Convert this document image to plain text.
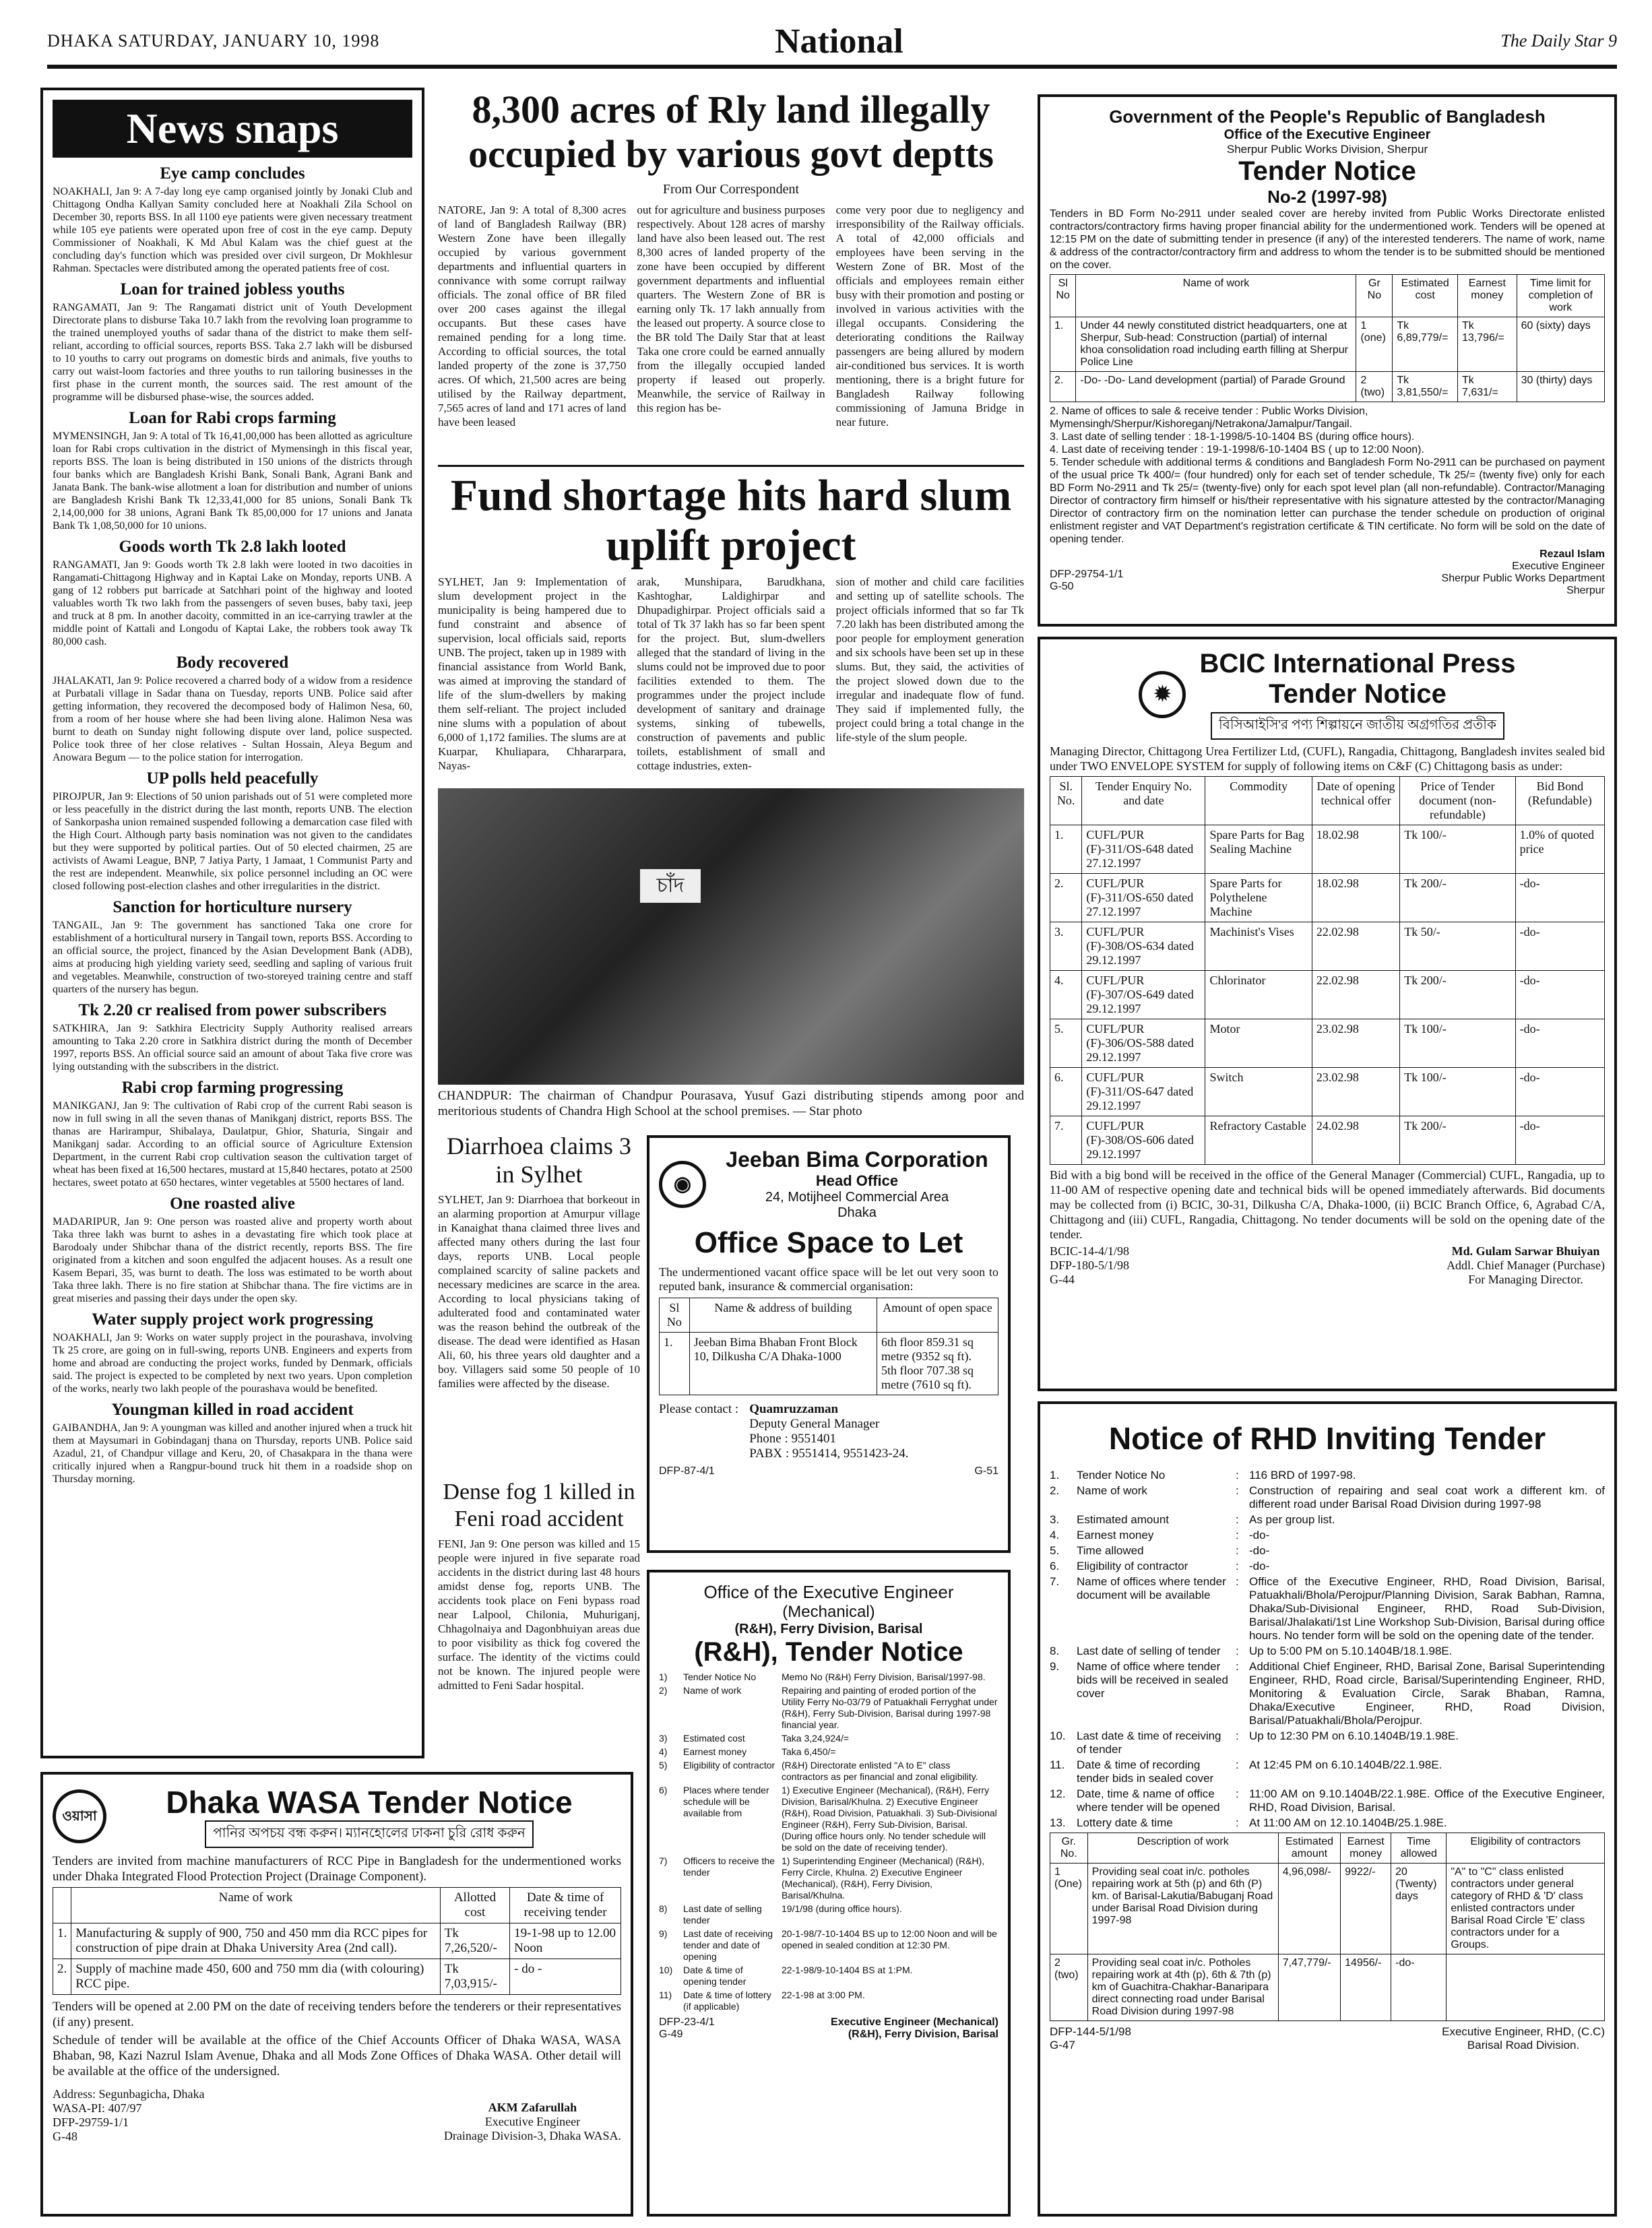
DHAKA SATURDAY, JANUARY 10, 1998	National	The Daily Star 9
News snaps
Eye camp concludes

NOAKHALI, Jan 9: A 7-day long eye camp organised jointly by Jonaki Club and Chittagong Ondha Kallyan Samity concluded here at Noakhali Zila School on December 30, reports BSS. In all 1100 eye patients were given necessary treatment while 105 eye patients were operated upon free of cost in the eye camp. Deputy Commissioner of Noakhali, K Md Abul Kalam was the chief guest at the concluding day's function which was presided over civil surgeon, Dr Mokhlesur Rahman. Spectacles were distributed among the operated patients free of cost.

Loan for trained jobless youths

RANGAMATI, Jan 9: The Rangamati district unit of Youth Development Directorate plans to disburse Taka 10.7 lakh from the revolving loan programme to the trained unemployed youths of sadar thana of the district to make them self-reliant, according to official sources, reports BSS. Taka 2.7 lakh will be disbursed to 10 youths to carry out programs on domestic birds and animals, five youths to carry out waist-loom factories and three youths to run tailoring businesses in the first phase in the current month, the sources said. The rest amount of the programme will be disbursed phase-wise, the sources added.

Loan for Rabi crops farming

MYMENSINGH, Jan 9: A total of Tk 16,41,00,000 has been allotted as agriculture loan for Rabi crops cultivation in the district of Mymensingh in this fiscal year, reports BSS. The loan is being distributed in 150 unions of the districts through four banks which are Bangladesh Krishi Bank, Sonali Bank, Agrani Bank and Janata Bank. The bank-wise allotment a loan for distribution and number of unions are Bangladesh Krishi Bank Tk 12,33,41,000 for 85 unions, Sonali Bank Tk 2,14,00,000 for 38 unions, Agrani Bank Tk 85,00,000 for 17 unions and Janata Bank Tk 1,08,50,000 for 10 unions.

Goods worth Tk 2.8 lakh looted

RANGAMATI, Jan 9: Goods worth Tk 2.8 lakh were looted in two dacoities in Rangamati-Chittagong Highway and in Kaptai Lake on Monday, reports UNB. A gang of 12 robbers put barricade at Satchhari point of the highway and looted valuables worth Tk two lakh from the passengers of seven buses, baby taxi, jeep and truck at 8 pm. In another dacoity, committed in an ice-carrying trawler at the middle point of Kattali and Longodu of Kaptai Lake, the robbers took away Tk 80,000 cash.

Body recovered

JHALAKATI, Jan 9: Police recovered a charred body of a widow from a residence at Purbatali village in Sadar thana on Tuesday, reports UNB. Police said after getting information, they recovered the decomposed body of Halimon Nesa, 60, from a room of her house where she had been living alone. Halimon Nesa was burnt to death on Sunday night following dispute over land, police suspected. Police took three of her close relatives - Sultan Hossain, Aleya Begum and Anowara Begum — to the police station for interrogation.

UP polls held peacefully

PIROJPUR, Jan 9: Elections of 50 union parishads out of 51 were completed more or less peacefully in the district during the last month, reports UNB. The election of Sankorpasha union remained suspended following a demarcation case filed with the High Court. Although party basis nomination was not given to the candidates but they were supported by political parties. Out of 50 elected chairmen, 25 are activists of Awami League, BNP, 7 Jatiya Party, 1 Jamaat, 1 Communist Party and the rest are independent. Meanwhile, six police personnel including an OC were closed following post-election clashes and other irregularities in the district.

Sanction for horticulture nursery

TANGAIL, Jan 9: The government has sanctioned Taka one crore for establishment of a horticultural nursery in Tangail town, reports BSS. According to an official source, the project, financed by the Asian Development Bank (ADB), aims at producing high yielding variety seed, seedling and sapling of various fruit and vegetables. Meanwhile, construction of two-storeyed training centre and staff quarters of the nursery has begun.

Tk 2.20 cr realised from power subscribers

SATKHIRA, Jan 9: Satkhira Electricity Supply Authority realised arrears amounting to Taka 2.20 crore in Satkhira district during the month of December 1997, reports BSS. An official source said an amount of about Taka five crore was lying outstanding with the subscribers in the district.

Rabi crop farming progressing

MANIKGANJ, Jan 9: The cultivation of Rabi crop of the current Rabi season is now in full swing in all the seven thanas of Manikganj district, reports BSS. The thanas are Harirampur, Shibalaya, Daulatpur, Ghior, Shaturia, Singair and Manikganj sadar. According to an official source of Agriculture Extension Department, in the current Rabi crop cultivation season the cultivation target of wheat has been fixed at 16,500 hectares, mustard at 15,840 hectares, potato at 2500 hectares, sweet potato at 650 hectares, winter vegetables at 5500 hectares of land.

One roasted alive

MADARIPUR, Jan 9: One person was roasted alive and property worth about Taka three lakh was burnt to ashes in a devastating fire which took place at Barodoaly under Shibchar thana of the district recently, reports BSS. The fire originated from a kitchen and soon engulfed the adjacent houses. As a result one Kasem Bepari, 35, was burnt to death. The loss was estimated to be worth about Taka three lakh. There is no fire station at Shibchar thana. The fire victims are in great miseries and passing their days under the open sky.

Water supply project work progressing

NOAKHALI, Jan 9: Works on water supply project in the pourashava, involving Tk 25 crore, are going on in full-swing, reports UNB. Engineers and experts from home and abroad are conducting the project works, funded by Denmark, officials said. The project is expected to be completed by next two years. Upon completion of the works, nearly two lakh people of the pourashava would be benefited.

Youngman killed in road accident

GAIBANDHA, Jan 9: A youngman was killed and another injured when a truck hit them at Maysumari in Gobindaganj thana on Thursday, reports UNB. Police said Azadul, 21, of Chandpur village and Keru, 20, of Chasakpara in the thana were critically injured when a Rangpur-bound truck hit them in a roadside shop on Thursday morning.

8,300 acres of Rly land illegally occupied by various govt deptts
From Our Correspondent

NATORE, Jan 9: A total of 8,300 acres of land of Bangladesh Railway (BR) Western Zone have been illegally occupied by various government departments and influential quarters in connivance with some corrupt railway officials. The zonal office of BR filed over 200 cases against the illegal occupants. But these cases have remained pending for a long time. According to official sources, the total landed property of the zone is 37,750 acres. Of which, 21,500 acres are being utilised by the Railway department, 7,565 acres of land and 171 acres of land have been leased

out for agriculture and business purposes respectively. About 128 acres of marshy land have also been leased out. The rest 8,300 acres of landed property of the zone have been occupied by different government departments and influential quarters. The Western Zone of BR is earning only Tk. 17 lakh annually from the leased out property. A source close to the BR told The Daily Star that at least Taka one crore could be earned annually from the illegally occupied landed property if leased out properly. Meanwhile, the service of Railway in this region has be-

come very poor due to negligency and irresponsibility of the Railway officials. A total of 42,000 officials and employees have been serving in the Western Zone of BR. Most of the officials and employees remain either busy with their promotion and posting or involved in various activities with the illegal occupants. Considering the deteriorating conditions the Railway passengers are being allured by modern air-conditioned bus services. It is worth mentioning, there is a bright future for Bangladesh Railway following commissioning of Jamuna Bridge in near future.

Fund shortage hits hard slum uplift project

SYLHET, Jan 9: Implementation of slum development project in the municipality is being hampered due to fund constraint and absence of supervision, local officials said, reports UNB. The project, taken up in 1989 with financial assistance from World Bank, was aimed at improving the standard of life of the slum-dwellers by making them self-reliant. The project included nine slums with a population of about 6,000 of 1,172 families. The slums are at Kuarpar, Khuliapara, Chhararpara, Nayas-

arak, Munshipara, Barudkhana, Kashtoghar, Laldighirpar and Dhupadighirpar. Project officials said a total of Tk 37 lakh has so far been spent for the project. But, slum-dwellers alleged that the standard of living in the slums could not be improved due to poor facilities extended to them. The programmes under the project include development of sanitary and drainage systems, sinking of tubewells, construction of pavements and public toilets, establishment of small and cottage industries, exten-

sion of mother and child care facilities and setting up of satellite schools. The project officials informed that so far Tk 7.20 lakh has been distributed among the poor people for employment generation and six schools have been set up in these slums. But, they said, the activities of the project slowed down due to the irregular and inadequate flow of fund. They said if implemented fully, the project could bring a total change in the life-style of the slum people.

চাঁদ

CHANDPUR: The chairman of Chandpur Pourasava, Yusuf Gazi distributing stipends among poor and meritorious students of Chandra High School at the school premises. — Star photo

Diarrhoea claims 3 in Sylhet

SYLHET, Jan 9: Diarrhoea that borkeout in an alarming proportion at Amurpur village in Kanaighat thana claimed three lives and affected many others during the last four days, reports UNB. Local people complained scarcity of saline packets and necessary medicines are scarce in the area. According to local physicians taking of adulterated food and contaminated water was the reason behind the outbreak of the disease. The dead were identified as Hasan Ali, 60, his three years old daughter and a boy. Villagers said some 50 people of 10 families were affected by the disease.

Dense fog 1 killed in Feni road accident

FENI, Jan 9: One person was killed and 15 people were injured in five separate road accidents in the district during last 48 hours amidst dense fog, reports UNB. The accidents took place on Feni bypass road near Lalpool, Chilonia, Muhuriganj, Chhagolnaiya and Dagonbhuiyan areas due to poor visibility as thick fog covered the surface. The identity of the victims could not be known. The injured people were admitted to Feni Sadar hospital.

◉
Jeeban Bima Corporation
Head Office
24, Motijheel Commercial Area
Dhaka
Office Space to Let

The undermentioned vacant office space will be let out very soon to reputed bank, insurance & commercial organisation:

Sl No	Name & address of building	Amount of open space
1.	Jeeban Bima Bhaban Front Block 10, Dilkusha C/A Dhaka-1000	6th floor 859.31 sq metre (9352 sq ft).
5th floor 707.38 sq metre (7610 sq ft).
Please contact : Quamruzzaman
Deputy General Manager
Phone : 9551401
PABX : 9551414, 9551423-24.
DFP-87-4/1	G-51
Office of the Executive Engineer
(Mechanical)
(R&H), Ferry Division, Barisal
(R&H), Tender Notice
1)	Tender Notice No	Memo No (R&H) Ferry Division, Barisal/1997-98.
2)	Name of work	Repairing and painting of eroded portion of the Utility Ferry No-03/79 of Patuakhali Ferryghat under (R&H), Ferry Sub-Division, Barisal during 1997-98 financial year.
3)	Estimated cost	Taka 3,24,924/=
4)	Earnest money	Taka 6,450/=
5)	Eligibility of contractor (R&H) Directorate enlisted "A to E" class contractors as per financial and zonal eligibility.
6)	Places where tender schedule will be available from
1) Executive Engineer (Mechanical), (R&H), Ferry Division, Barisal/Khulna. 2) Executive Engineer (R&H), Road Division, Patuakhali. 3) Sub-Divisional Engineer (R&H), Ferry Sub-Division, Barisal. (During office hours only. No tender schedule will be sold on the date of receiving tender).
7)	Officers to receive the tender
1) Superintending Engineer (Mechanical) (R&H), Ferry Circle, Khulna. 2) Executive Engineer (Mechanical), (R&H), Ferry Division, Barisal/Khulna.
8)	Last date of selling tender
19/1/98 (during office hours).
9)	Last date of receiving tender and date of opening
20-1-98/7-10-1404 BS up to 12:00 Noon and will be opened in sealed condition at 12:30 PM.
10)	Date & time of opening tender
22-1-98/9-10-1404 BS at 1:PM.
11)	Date & time of lottery (if applicable)
22-1-98 at 3:00 PM.
DFP-23-4/1
G-49
Executive Engineer (Mechanical)
(R&H), Ferry Division, Barisal
ওয়াসা	Dhaka WASA Tender Notice
পানির অপচয় বন্ধ করুন। ম্যানহোলের ঢাকনা চুরি রোধ করুন

Tenders are invited from machine manufacturers of RCC Pipe in Bangladesh for the undermentioned works under Dhaka Integrated Flood Protection Project (Drainage Component).

	Name of work	Allotted cost	Date & time of receiving tender
1.	Manufacturing & supply of 900, 750 and 450 mm dia RCC pipes for construction of pipe drain at Dhaka University Area (2nd call).	Tk 7,26,520/-	19-1-98 up to 12.00 Noon
2.	Supply of machine made 450, 600 and 750 mm dia (with colouring) RCC pipe.	Tk 7,03,915/-	- do -

Tenders will be opened at 2.00 PM on the date of receiving tenders before the tenderers or their representatives (if any) present.

Schedule of tender will be available at the office of the Chief Accounts Officer of Dhaka WASA, WASA Bhaban, 98, Kazi Nazrul Islam Avenue, Dhaka and all Mods Zone Offices of Dhaka WASA. Other detail will be available at the office of the undersigned.

Address: Segunbagicha, Dhaka
WASA-PI: 407/97
DFP-29759-1/1
G-48
AKM Zafarullah
Executive Engineer
Drainage Division-3, Dhaka WASA.
Government of the People's Republic of Bangladesh
Office of the Executive Engineer
Sherpur Public Works Division, Sherpur
Tender Notice
No-2 (1997-98)

Tenders in BD Form No-2911 under sealed cover are hereby invited from Public Works Directorate enlisted contractors/contractory firms having proper financial ability for the undermentioned work. Tenders will be opened at 12:15 PM on the date of submitting tender in presence (if any) of the interested tenderers. The name of work, name & address of the contractor/contractory firm and address to whom the tender is to be submitted should be mentioned on the cover.

Sl No	Name of work	Gr No	Estimated cost	Earnest money	Time limit for completion of work
1.	Under 44 newly constituted district headquarters, one at Sherpur, Sub-head: Construction (partial) of internal khoa consolidation road including earth filling at Sherpur Police Line	1 (one)	Tk 6,89,779/=	Tk 13,796/=	60 (sixty) days
2.	-Do- -Do- Land development (partial) of Parade Ground	2 (two)	Tk 3,81,550/=	Tk 7,631/=	30 (thirty) days
2. Name of offices to sale & receive tender : Public Works Division, Mymensingh/Sherpur/Kishoreganj/Netrakona/Jamalpur/Tangail.
3. Last date of selling tender : 18-1-1998/5-10-1404 BS (during office hours).
4. Last date of receiving tender : 19-1-1998/6-10-1404 BS ( up to 12:00 Noon).
5. Tender schedule with additional terms & conditions and Bangladesh Form No-2911 can be purchased on payment of the usual price Tk 400/= (four hundred) only for each set of tender schedule, Tk 25/= (twenty five) only for each BD Form No-2911 and Tk 25/= (twenty-five) only for each spot level plan (all non-refundable). Contractor/Managing Director of contractory firm himself or his/their representative with his signature attested by the contractor/Managing Director of contractory firm on the nomination letter can purchase the tender schedule on production of original enlistment register and VAT Department's registration certificate & TIN certificate. No form will be sold on the date of opening tender.
DFP-29754-1/1
G-50
Rezaul Islam
Executive Engineer
Sherpur Public Works Department
Sherpur
✹
BCIC International Press
Tender Notice
বিসিআইসি'র পণ্য শিল্পায়নে জাতীয় অগ্রগতির প্রতীক

Managing Director, Chittagong Urea Fertilizer Ltd, (CUFL), Rangadia, Chittagong, Bangladesh invites sealed bid under TWO ENVELOPE SYSTEM for supply of following items on C&F (C) Chittagong basis as under:

Sl. No.	Tender Enquiry No. and date	Commodity	Date of opening technical offer	Price of Tender document (non-refundable)	Bid Bond (Refundable)
1.	CUFL/PUR (F)-311/OS-648 dated 27.12.1997	Spare Parts for Bag Sealing Machine	18.02.98	Tk 100/-	1.0% of quoted price
2.	CUFL/PUR (F)-311/OS-650 dated 27.12.1997	Spare Parts for Polythelene Machine	18.02.98	Tk 200/-	-do-
3.	CUFL/PUR (F)-308/OS-634 dated 29.12.1997	Machinist's Vises	22.02.98	Tk 50/-	-do-
4.	CUFL/PUR (F)-307/OS-649 dated 29.12.1997	Chlorinator	22.02.98	Tk 200/-	-do-
5.	CUFL/PUR (F)-306/OS-588 dated 29.12.1997	Motor	23.02.98	Tk 100/-	-do-
6.	CUFL/PUR (F)-311/OS-647 dated 29.12.1997	Switch	23.02.98	Tk 100/-	-do-
7.	CUFL/PUR (F)-308/OS-606 dated 29.12.1997	Refractory Castable	24.02.98	Tk 200/-	-do-

Bid with a big bond will be received in the office of the General Manager (Commercial) CUFL, Rangadia, up to 11-00 AM of respective opening date and technical bids will be opened immediately afterwards. Bid documents may be collected from (i) BCIC, 30-31, Dilkusha C/A, Dhaka-1000, (ii) BCIC Branch Office, 6, Agrabad C/A, Chittagong and (iii) CUFL, Rangadia, Chittagong. No tender documents will be sold on the opening date of the tender.

BCIC-14-4/1/98
DFP-180-5/1/98
G-44
Md. Gulam Sarwar Bhuiyan
Addl. Chief Manager (Purchase)
For Managing Director.
Notice of RHD Inviting Tender
1.	Tender Notice No	: 116 BRD of 1997-98.
2.	Name of work	: Construction of repairing and seal coat work a different km. of different road under Barisal Road Division during 1997-98
3.	Estimated amount	: As per group list.
4.	Earnest money	: -do-
5.	Time allowed	: -do-
6.	Eligibility of contractor	: -do-
7.	Name of offices where tender document will be available
: Office of the Executive Engineer, RHD, Road Division, Barisal, Patuakhali/Bhola/Perojpur/Planning Division, Sarak Babhan, Ramna, Dhaka/Sub-Divisional Engineer, RHD, Road Sub-Division, Barisal/Jhalakati/1st Line Workshop Sub-Division, Barisal during office hours. No tender form will be sold on the opening date of the tender.
8.	Last date of selling of tender	: Up to 5:00 PM on 5.10.1404B/18.1.98E.
9.	Name of office where tender bids will be received in sealed cover
: Additional Chief Engineer, RHD, Barisal Zone, Barisal Superintending Engineer, RHD, Road circle, Barisal/Superintending Engineer, RHD, Monitoring & Evaluation Circle, Sarak Bhaban, Ramna, Dhaka/Executive Engineer, RHD, Road Division, Barisal/Patuakhali/Bhola/Perojpur.
10. Last date & time of receiving of tender
: Up to 12:30 PM on 6.10.1404B/19.1.98E.
11.	Date & time of recording tender bids in sealed cover
: At 12:45 PM on 6.10.1404B/22.1.98E.
12. Date, time & name of office where tender will be opened
: 11:00 AM on 9.10.1404B/22.1.98E. Office of the Executive Engineer, RHD, Road Division, Barisal.
13. Lottery date & time	: At 11:00 AM on 12.10.1404B/25.1.98E.
Gr. No.	Description of work	Estimated amount	Earnest money	Time allowed	Eligibility of contractors
1 (One)	Providing seal coat in/c. potholes repairing work at 5th (p) and 6th (P) km. of Barisal-Lakutia/Babuganj Road under Barisal Road Division during 1997-98	4,96,098/-	9922/-	20 (Twenty) days	"A" to "C" class enlisted contractors under general category of RHD & 'D' class enlisted contractors under Barisal Road Circle 'E' class contractors under for a Groups.
2 (two)	Providing seal coat in/c. Potholes repairing work at 4th (p), 6th & 7th (p) km of Guachitra-Chakhar-Banaripara direct connecting road under Barisal Road Division during 1997-98	7,47,779/-	14956/-	-do-	
DFP-144-5/1/98
G-47
Executive Engineer, RHD, (C.C)
Barisal Road Division.
